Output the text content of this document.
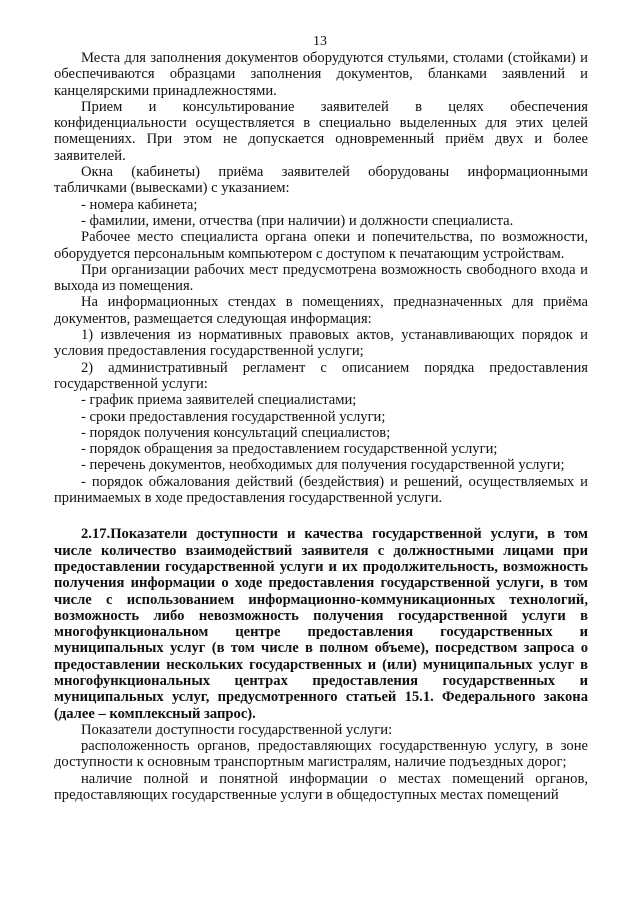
13

Места для заполнения документов оборудуются стульями, столами (стойками) и обеспечиваются образцами заполнения документов, бланками заявлений и канцелярскими принадлежностями.

Прием и консультирование заявителей в целях обеспечения конфиденциальности осуществляется в специально выделенных для этих целей помещениях. При этом не допускается одновременный приём двух и более заявителей.

Окна (кабинеты) приёма заявителей оборудованы информационными табличками (вывесками) с указанием:

- номера кабинета;

- фамилии, имени, отчества (при наличии) и должности специалиста.

Рабочее место специалиста органа опеки и попечительства, по возможности, оборудуется персональным компьютером с доступом к печатающим устройствам.

При организации рабочих мест предусмотрена возможность свободного входа и выхода из помещения.

На информационных стендах в помещениях, предназначенных для приёма документов, размещается следующая информация:

1) извлечения из нормативных правовых актов, устанавливающих порядок и условия предоставления государственной услуги;

2) административный регламент с описанием порядка предоставления государственной услуги:

- график приема заявителей специалистами;

- сроки предоставления государственной услуги;

- порядок получения консультаций специалистов;

- порядок обращения за предоставлением государственной услуги;

- перечень документов, необходимых для получения государственной услуги;

- порядок обжалования действий (бездействия) и решений, осуществляемых и принимаемых в ходе предоставления государственной услуги.

2.17.Показатели доступности и качества государственной услуги, в том числе количество взаимодействий заявителя с должностными лицами при предоставлении государственной услуги и их продолжительность, возможность получения информации о ходе предоставления государственной услуги, в том числе с использованием информационно-коммуникационных технологий, возможность либо невозможность получения государственной услуги в многофункциональном центре предоставления государственных и муниципальных услуг (в том числе в полном объеме), посредством запроса о предоставлении нескольких государственных и (или) муниципальных услуг в многофункциональных центрах предоставления государственных и муниципальных услуг, предусмотренного статьей 15.1. Федерального закона (далее – комплексный запрос).

Показатели доступности государственной услуги:

расположенность органов, предоставляющих государственную услугу, в зоне доступности к основным транспортным магистралям, наличие подъездных дорог;

наличие полной и понятной информации о местах помещений органов, предоставляющих государственные услуги в общедоступных местах помещений
